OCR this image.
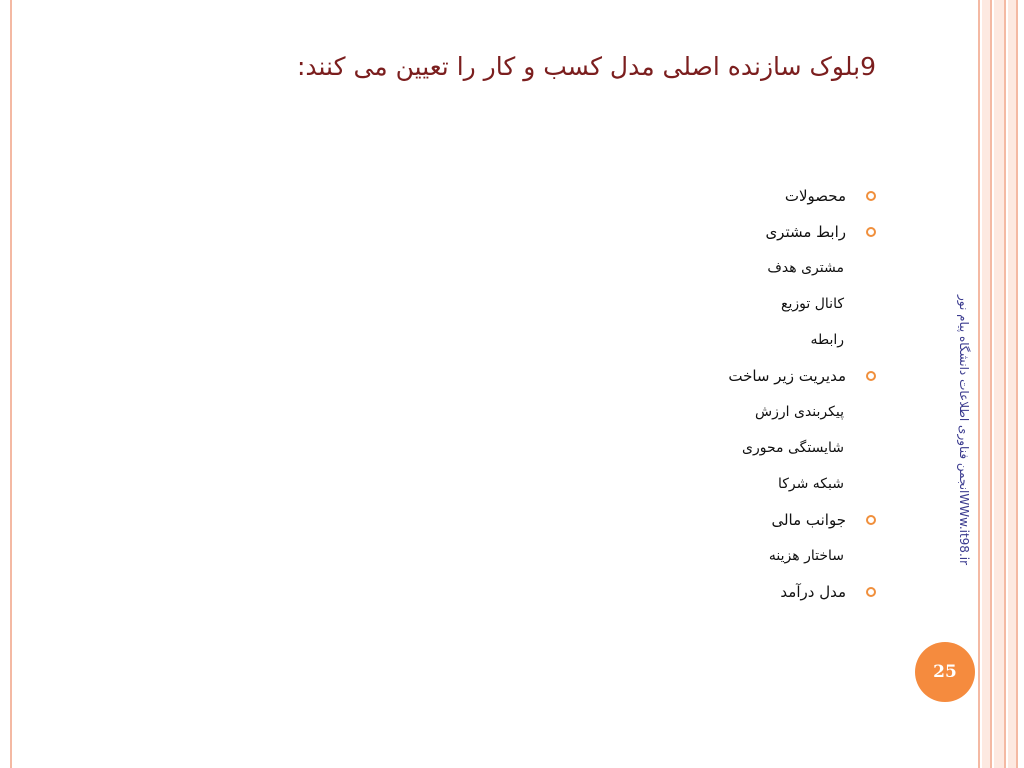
9بلوک سازنده اصلی مدل کسب و کار را تعیین می کنند:
محصولات
رابط مشتری
مشتری هدف
کانال توزیع
رابطه
مدیریت زیر ساخت
پیکربندی ارزش
شایستگی محوری
شبکه شرکا
جوانب مالی
ساختار هزینه
مدل درآمد
WWw.it98.irانجمن فناوری اطلاعات دانشگاه پیام نور
25
